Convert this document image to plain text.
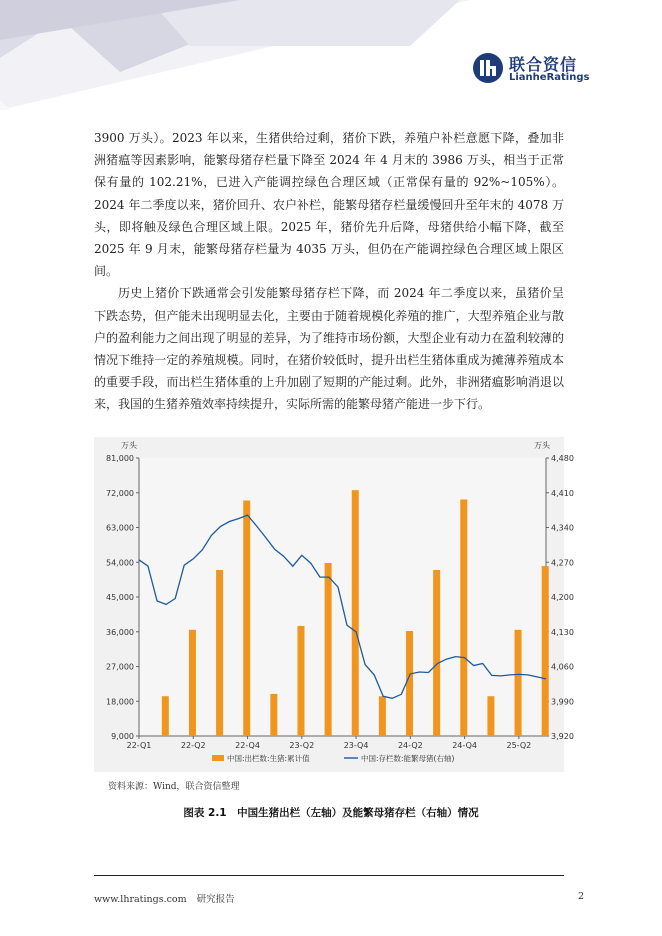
联合资信
LianheRatings

3900 万头）。2023 年以来，生猪供给过剩，猪价下跌，养殖户补栏意愿下降，叠加非洲猪瘟等因素影响，能繁母猪存栏量下降至 2024 年 4 月末的 3986 万头，相当于正常保有量的 102.21%，已进入产能调控绿色合理区域（正常保有量的 92%~105%）。2024 年二季度以来，猪价回升、农户补栏，能繁母猪存栏量缓慢回升至年末的 4078 万头，即将触及绿色合理区域上限。2025 年，猪价先升后降，母猪供给小幅下降，截至 2025 年 9 月末，能繁母猪存栏量为 4035 万头，但仍在产能调控绿色合理区域上限区间。

历史上猪价下跌通常会引发能繁母猪存栏下降，而 2024 年二季度以来，虽猪价呈下跌态势，但产能未出现明显去化，主要由于随着规模化养殖的推广，大型养殖企业与散户的盈利能力之间出现了明显的差异，为了维持市场份额，大型企业有动力在盈利较薄的情况下维持一定的养殖规模。同时，在猪价较低时，提升出栏生猪体重成为摊薄养殖成本的重要手段，而出栏生猪体重的上升加剧了短期的产能过剩。此外，非洲猪瘟影响消退以来，我国的生猪养殖效率持续提升，实际所需的能繁母猪产能进一步下行。

万头	万头
81,000
72,000
63,000
54,000
45,000
36,000
27,000
18,000
9,000
4,480
4,410
4,340
4,270
4,200
4,130
4,060
3,990
3,920
22-Q1	22-Q2	22-Q4	23-Q2	23-Q4	24-Q2	24-Q4	25-Q2
中国:出栏数:生猪:累计值	中国:存栏数:能繁母猪(右轴)
资料来源：Wind，联合资信整理
图表 2.1　中国生猪出栏（左轴）及能繁母猪存栏（右轴）情况
www.lhratings.com 研究报告	2
